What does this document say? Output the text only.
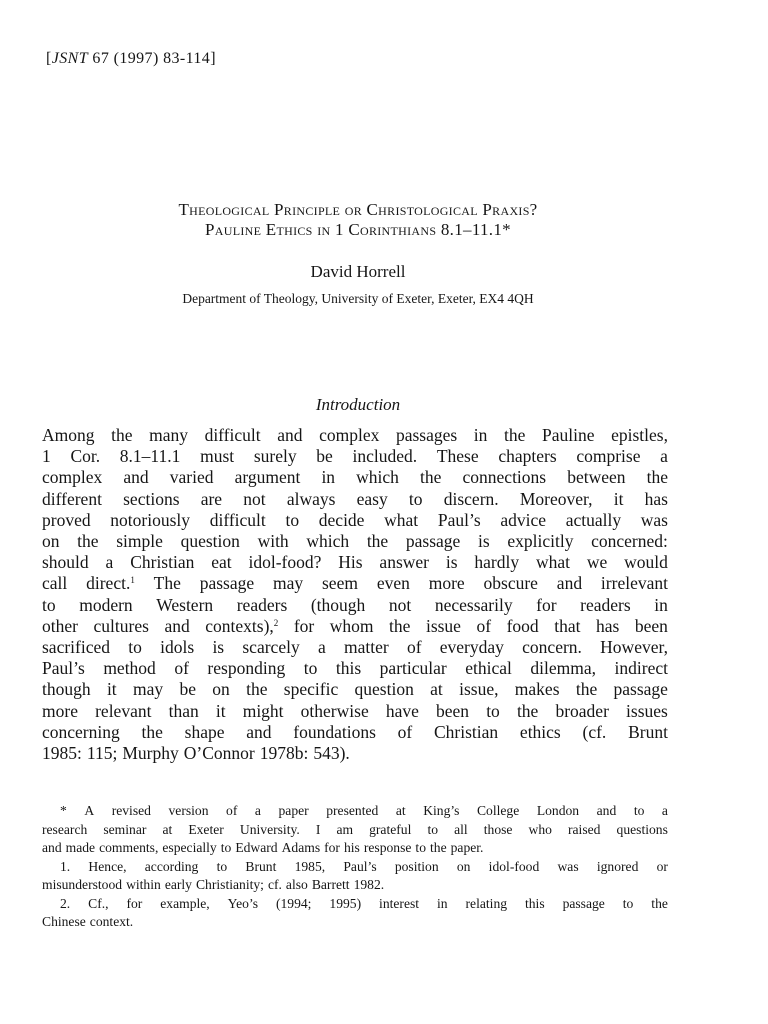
[JSNT 67 (1997) 83-114]
Theological Principle or Christological Praxis?
Pauline Ethics in 1 Corinthians 8.1–11.1*
David Horrell
Department of Theology, University of Exeter, Exeter, EX4 4QH
Introduction
Among the many difficult and complex passages in the Pauline epistles,
1 Cor. 8.1–11.1 must surely be included. These chapters comprise a
complex and varied argument in which the connections between the
different sections are not always easy to discern. Moreover, it has
proved notoriously difficult to decide what Paul’s advice actually was
on the simple question with which the passage is explicitly concerned:
should a Christian eat idol-food? His answer is hardly what we would
call direct.$^1$ The passage may seem even more obscure and irrelevant
to modern Western readers (though not necessarily for readers in
other cultures and contexts),$^2$ for whom the issue of food that has been
sacrificed to idols is scarcely a matter of everyday concern. However,
Paul’s method of responding to this particular ethical dilemma, indirect
though it may be on the specific question at issue, makes the passage
more relevant than it might otherwise have been to the broader issues
concerning the shape and foundations of Christian ethics (cf. Brunt
1985: 115; Murphy O’Connor 1978b: 543).
* A revised version of a paper presented at King’s College London and to a
research seminar at Exeter University. I am grateful to all those who raised questions
and made comments, especially to Edward Adams for his response to the paper.
1. Hence, according to Brunt 1985, Paul’s position on idol-food was ignored or
misunderstood within early Christianity; cf. also Barrett 1982.
2. Cf., for example, Yeo’s (1994; 1995) interest in relating this passage to the
Chinese context.
